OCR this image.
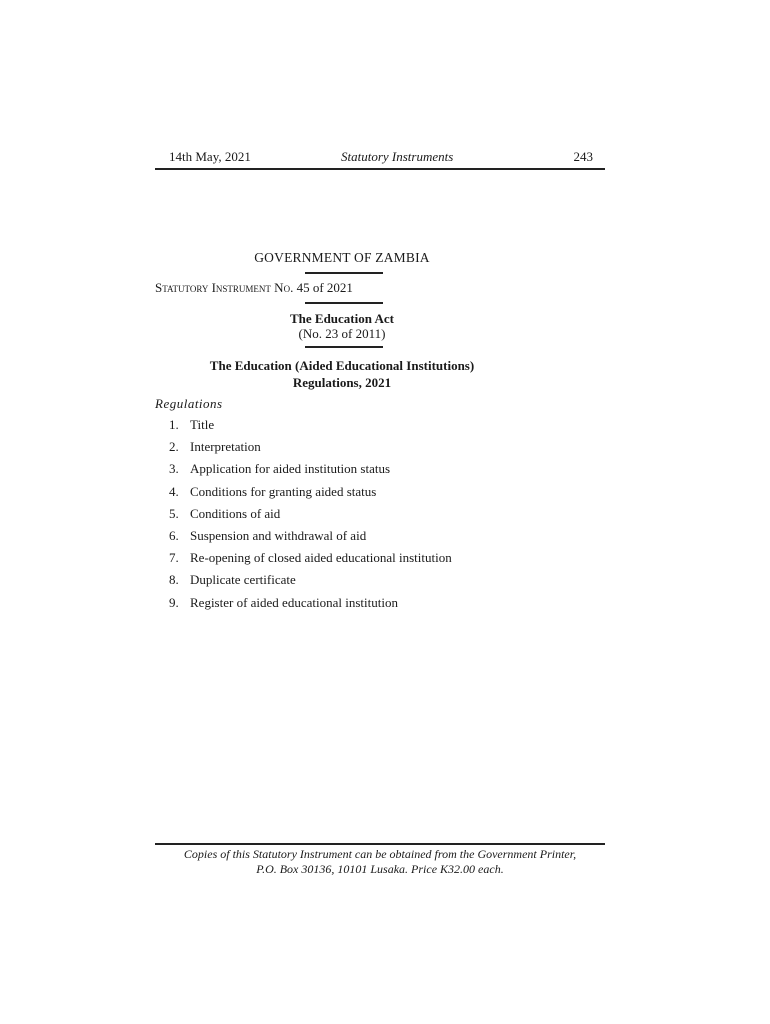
14th May, 2021	Statutory Instruments	243
GOVERNMENT OF ZAMBIA
Statutory Instrument No. 45 of 2021
The Education Act
(No. 23 of 2011)
The Education (Aided Educational Institutions)
Regulations, 2021
Regulations
1. Title
2. Interpretation
3. Application for aided institution status
4. Conditions for granting aided status
5. Conditions of aid
6. Suspension and withdrawal of aid
7. Re-opening of closed aided educational institution
8. Duplicate certificate
9. Register of aided educational institution
Copies of this Statutory Instrument can be obtained from the Government Printer,
P.O. Box 30136, 10101 Lusaka. Price K32.00 each.
